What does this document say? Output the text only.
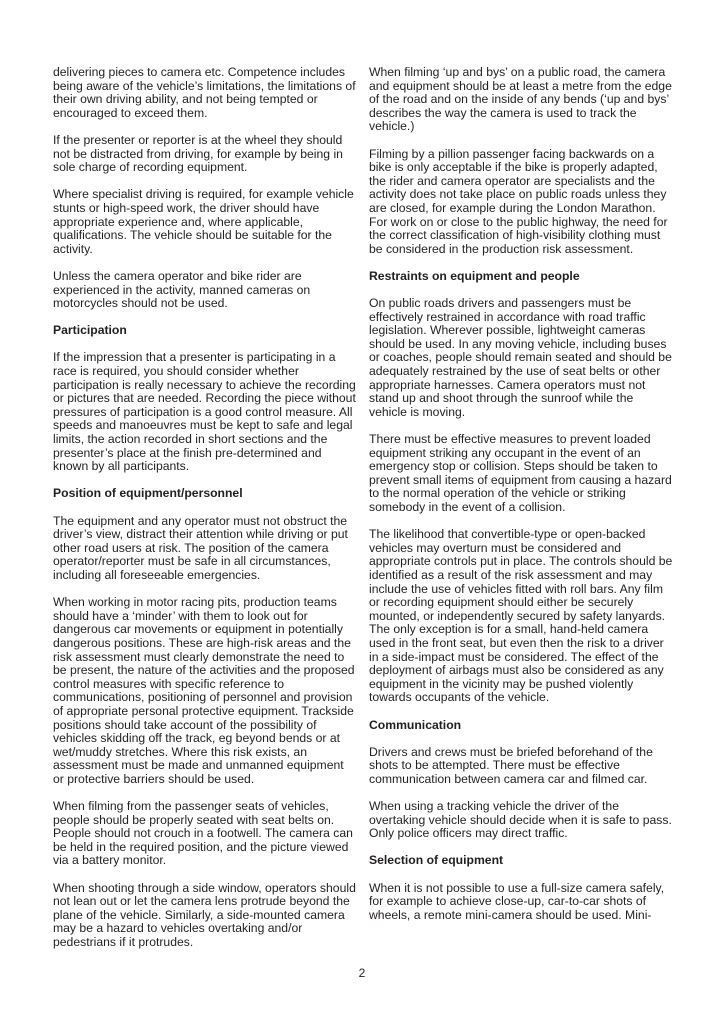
delivering pieces to camera etc. Competence includes being aware of the vehicle’s limitations, the limitations of their own driving ability, and not being tempted or encouraged to exceed them.

If the presenter or reporter is at the wheel they should not be distracted from driving, for example by being in sole charge of recording equipment.

Where specialist driving is required, for example vehicle stunts or high-speed work, the driver should have appropriate experience and, where applicable, qualifications. The vehicle should be suitable for the activity.

Unless the camera operator and bike rider are experienced in the activity, manned cameras on motorcycles should not be used.

Participation

If the impression that a presenter is participating in a race is required, you should consider whether participation is really necessary to achieve the recording or pictures that are needed. Recording the piece without pressures of participation is a good control measure. All speeds and manoeuvres must be kept to safe and legal limits, the action recorded in short sections and the presenter’s place at the finish pre-determined and known by all participants.

Position of equipment/personnel

The equipment and any operator must not obstruct the driver’s view, distract their attention while driving or put other road users at risk. The position of the camera operator/reporter must be safe in all circumstances, including all foreseeable emergencies.

When working in motor racing pits, production teams should have a ‘minder’ with them to look out for dangerous car movements or equipment in potentially dangerous positions. These are high-risk areas and the risk assessment must clearly demonstrate the need to be present, the nature of the activities and the proposed control measures with specific reference to communications, positioning of personnel and provision of appropriate personal protective equipment. Trackside positions should take account of the possibility of vehicles skidding off the track, eg beyond bends or at wet/muddy stretches. Where this risk exists, an assessment must be made and unmanned equipment or protective barriers should be used.

When filming from the passenger seats of vehicles, people should be properly seated with seat belts on. People should not crouch in a footwell. The camera can be held in the required position, and the picture viewed via a battery monitor.

When shooting through a side window, operators should not lean out or let the camera lens protrude beyond the plane of the vehicle. Similarly, a side-mounted camera may be a hazard to vehicles overtaking and/or pedestrians if it protrudes.

When filming ‘up and bys’ on a public road, the camera and equipment should be at least a metre from the edge of the road and on the inside of any bends (‘up and bys’ describes the way the camera is used to track the vehicle.)

Filming by a pillion passenger facing backwards on a bike is only acceptable if the bike is properly adapted, the rider and camera operator are specialists and the activity does not take place on public roads unless they are closed, for example during the London Marathon. For work on or close to the public highway, the need for the correct classification of high-visibility clothing must be considered in the production risk assessment.

Restraints on equipment and people

On public roads drivers and passengers must be effectively restrained in accordance with road traffic legislation. Wherever possible, lightweight cameras should be used. In any moving vehicle, including buses or coaches, people should remain seated and should be adequately restrained by the use of seat belts or other appropriate harnesses. Camera operators must not stand up and shoot through the sunroof while the vehicle is moving.

There must be effective measures to prevent loaded equipment striking any occupant in the event of an emergency stop or collision. Steps should be taken to prevent small items of equipment from causing a hazard to the normal operation of the vehicle or striking somebody in the event of a collision.

The likelihood that convertible-type or open-backed vehicles may overturn must be considered and appropriate controls put in place. The controls should be identified as a result of the risk assessment and may include the use of vehicles fitted with roll bars. Any film or recording equipment should either be securely mounted, or independently secured by safety lanyards. The only exception is for a small, hand-held camera used in the front seat, but even then the risk to a driver in a side-impact must be considered. The effect of the deployment of airbags must also be considered as any equipment in the vicinity may be pushed violently towards occupants of the vehicle.

Communication

Drivers and crews must be briefed beforehand of the shots to be attempted. There must be effective communication between camera car and filmed car.

When using a tracking vehicle the driver of the overtaking vehicle should decide when it is safe to pass. Only police officers may direct traffic.

Selection of equipment

When it is not possible to use a full-size camera safely, for example to achieve close-up, car-to-car shots of wheels, a remote mini-camera should be used. Mini-

2
